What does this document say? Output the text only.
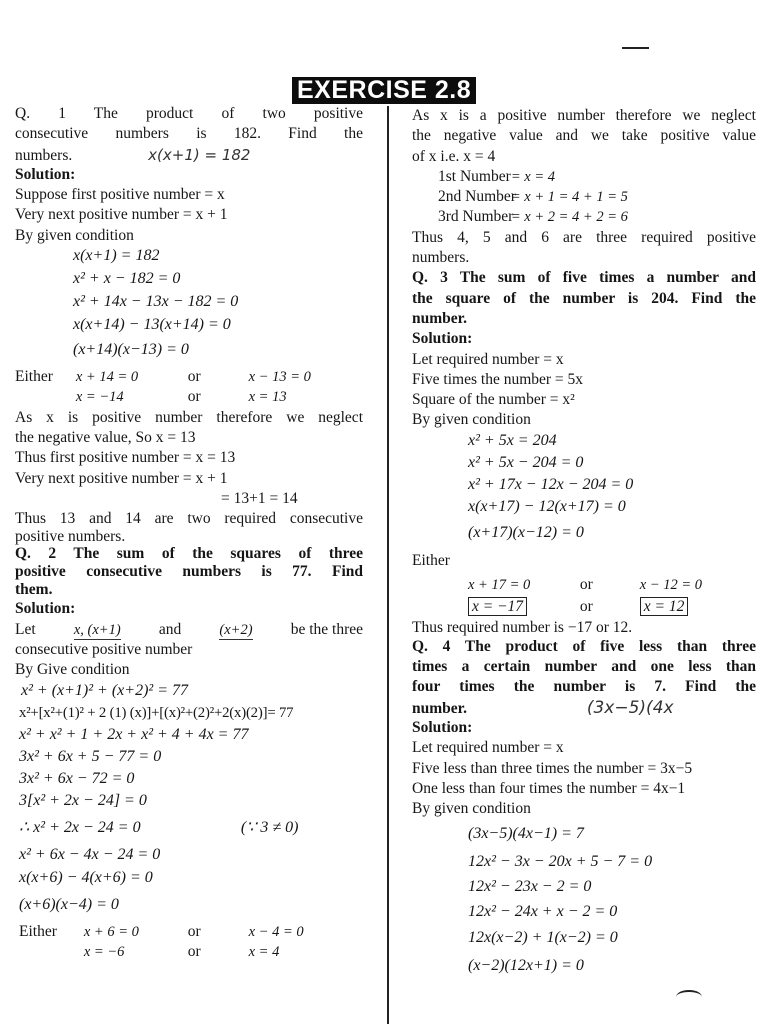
EXERCISE 2.8
Q. 1 The product of two positive
consecutive numbers is 182. Find the
numbers.	x(x+1) = 182
Solution:
Suppose first positive number = x
Very next positive number = x + 1
By given condition
x(x+1) = 182
x² + x − 182 = 0
x² + 14x − 13x − 182 = 0
x(x+14) − 13(x+14) = 0
(x+14)(x−13) = 0
Either x + 14 = 0	or	x − 13 = 0
x = −14	or	x = 13
As x is positive number therefore we neglect
the negative value, So x = 13
Thus first positive number = x = 13
Very next positive number = x + 1
= 13+1 = 14
Thus 13 and 14 are two required consecutive
positive numbers.
Q. 2 The sum of the squares of three
positive consecutive numbers is 77. Find
them.
Solution:
Let	x, (x+1) and	(x+2) be the three
consecutive positive number
By Give condition
x² + (x+1)² + (x+2)² = 77
x²+[x²+(1)² + 2 (1) (x)]+[(x)²+(2)²+2(x)(2)]= 77
x² + x² + 1 + 2x + x² + 4 + 4x = 77
3x² + 6x + 5 − 77 = 0
3x² + 6x − 72 = 0
3[x² + 2x − 24] = 0
∴ x² + 2x − 24 = 0	(∵ 3 ≠ 0)
x² + 6x − 4x − 24 = 0
x(x+6) − 4(x+6) = 0
(x+6)(x−4) = 0
Either x + 6 = 0	or	x − 4 = 0
x = −6	or	x = 4
As x is a positive number therefore we neglect
the negative value and we take positive value
of x i.e. x = 4
1st Number = x = 4
2nd Number = x + 1 = 4 + 1 = 5
3rd Number = x + 2 = 4 + 2 = 6
Thus 4, 5 and 6 are three required positive
numbers.
Q. 3 The sum of five times a number and
the square of the number is 204. Find the
number.
Solution:
Let required number = x
Five times the number = 5x
Square of the number = x²
By given condition
x² + 5x = 204
x² + 5x − 204 = 0
x² + 17x − 12x − 204 = 0
x(x+17) − 12(x+17) = 0
(x+17)(x−12) = 0
Either
x + 17 = 0	or	x − 12 = 0
x = −17	or	x = 12
Thus required number is −17 or 12.
Q. 4 The product of five less than three
times a certain number and one less than
four times the number is 7. Find the
number.	(3x−5)(4x
Solution:
Let required number = x
Five less than three times the number = 3x−5
One less than four times the number = 4x−1
By given condition
(3x−5)(4x−1) = 7
12x² − 3x − 20x + 5 − 7 = 0
12x² − 23x − 2 = 0
12x² − 24x + x − 2 = 0
12x(x−2) + 1(x−2) = 0
(x−2)(12x+1) = 0
